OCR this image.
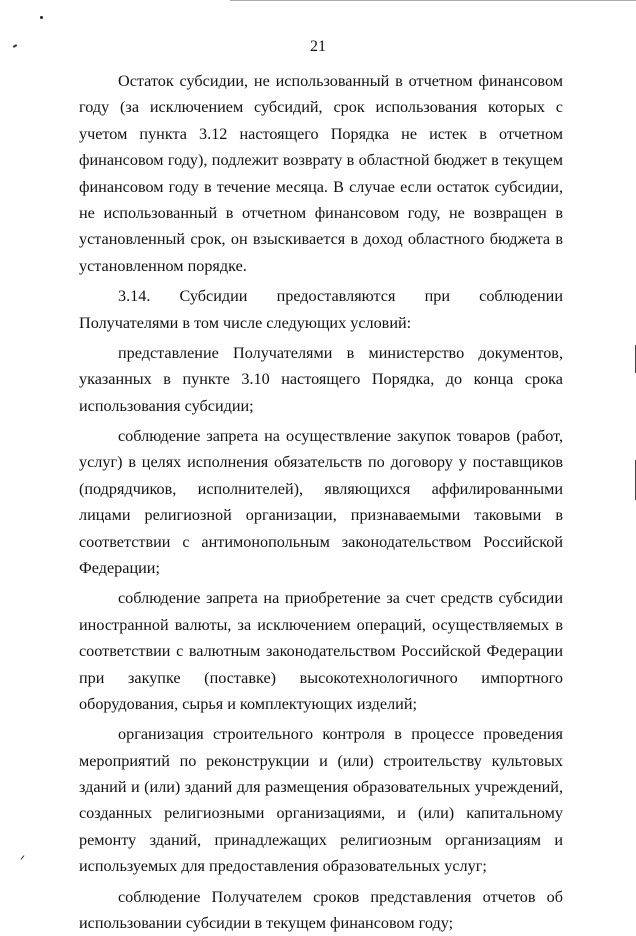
21

Остаток субсидии, не использованный в отчетном финансовом году (за исключением субсидий, срок использования которых с учетом пункта 3.12 настоящего Порядка не истек в отчетном финансовом году), подлежит возврату в областной бюджет в текущем финансовом году в течение месяца. В случае если остаток субсидии, не использованный в отчетном финансовом году, не возвращен в установленный срок, он взыскивается в доход областного бюджета в установленном порядке.

3.14. Субсидии предоставляются при соблюдении Получателями в том числе следующих условий:

представление Получателями в министерство документов, указанных в пункте 3.10 настоящего Порядка, до конца срока использования субсидии;

соблюдение запрета на осуществление закупок товаров (работ, услуг) в целях исполнения обязательств по договору у поставщиков (подрядчиков, исполнителей), являющихся аффилированными лицами религиозной организации, признаваемыми таковыми в соответствии с антимонопольным законодательством Российской Федерации;

соблюдение запрета на приобретение за счет средств субсидии иностранной валюты, за исключением операций, осуществляемых в соответствии с валютным законодательством Российской Федерации при закупке (поставке) высокотехнологичного импортного оборудования, сырья и комплектующих изделий;

организация строительного контроля в процессе проведения мероприятий по реконструкции и (или) строительству культовых зданий и (или) зданий для размещения образовательных учреждений, созданных религиозными организациями, и (или) капитальному ремонту зданий, принадлежащих религиозным организациям и используемых для предоставления образовательных услуг;

соблюдение Получателем сроков представления отчетов об использовании субсидии в текущем финансовом году;
